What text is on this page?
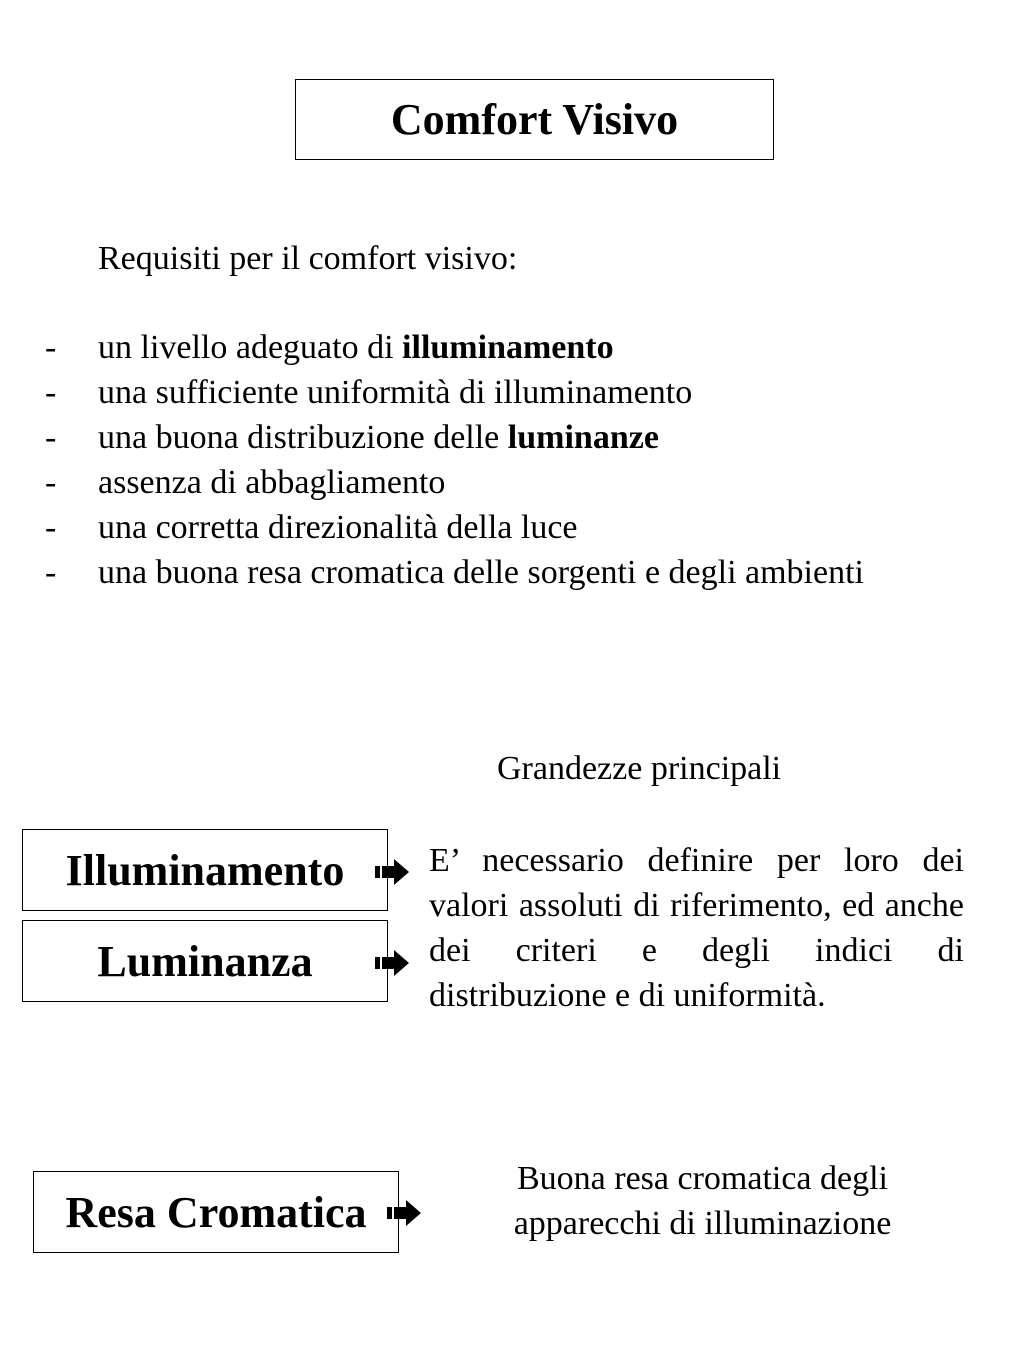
Comfort Visivo
Requisiti per il comfort visivo:
- un livello adeguato di illuminamento
- una sufficiente uniformità di illuminamento
- una buona distribuzione delle luminanze
- assenza di abbagliamento
- una corretta direzionalità della luce
- una buona resa cromatica delle sorgenti e degli ambienti
Grandezze principali
Illuminamento
Luminanza
Resa Cromatica
E’ necessario definire per loro dei valori assoluti di riferimento, ed anche dei criteri e degli indici di distribuzione e di uniformità.
Buona resa cromatica degli apparecchi di illuminazione
